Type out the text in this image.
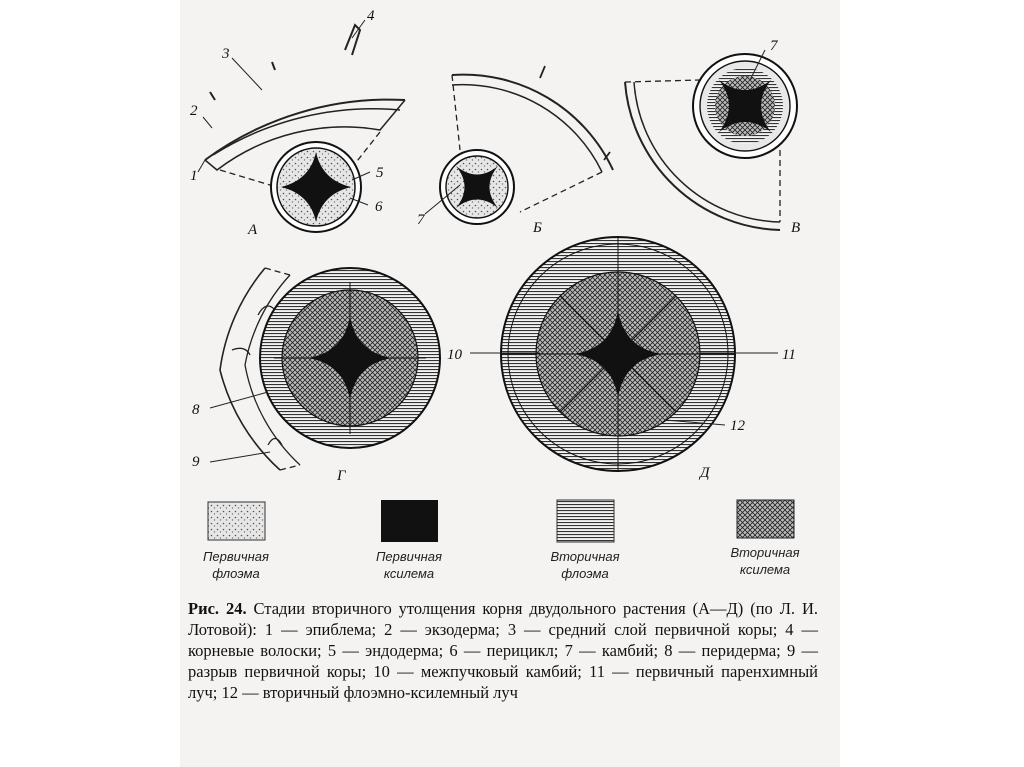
А	Б	В
Г	Д
1
2
3
4
5
6
7
7
8
9
10	11
12
Первичная
флоэма
Первичная
ксилема
Вторичная
флоэма
Вторичная
ксилема
Рис. 24. Стадии вторичного утолщения корня двудольного растения (А—Д) (по Л. И. Лотовой): 1 — эпиблема; 2 — экзодерма; 3 — средний слой первичной коры; 4 — корневые волоски; 5 — эндодерма; 6 — перицикл; 7 — камбий; 8 — перидерма; 9 — разрыв первичной коры; 10 — межпучковый камбий; 11 — первичный паренхимный луч; 12 — вторичный флоэмно-ксилемный луч
